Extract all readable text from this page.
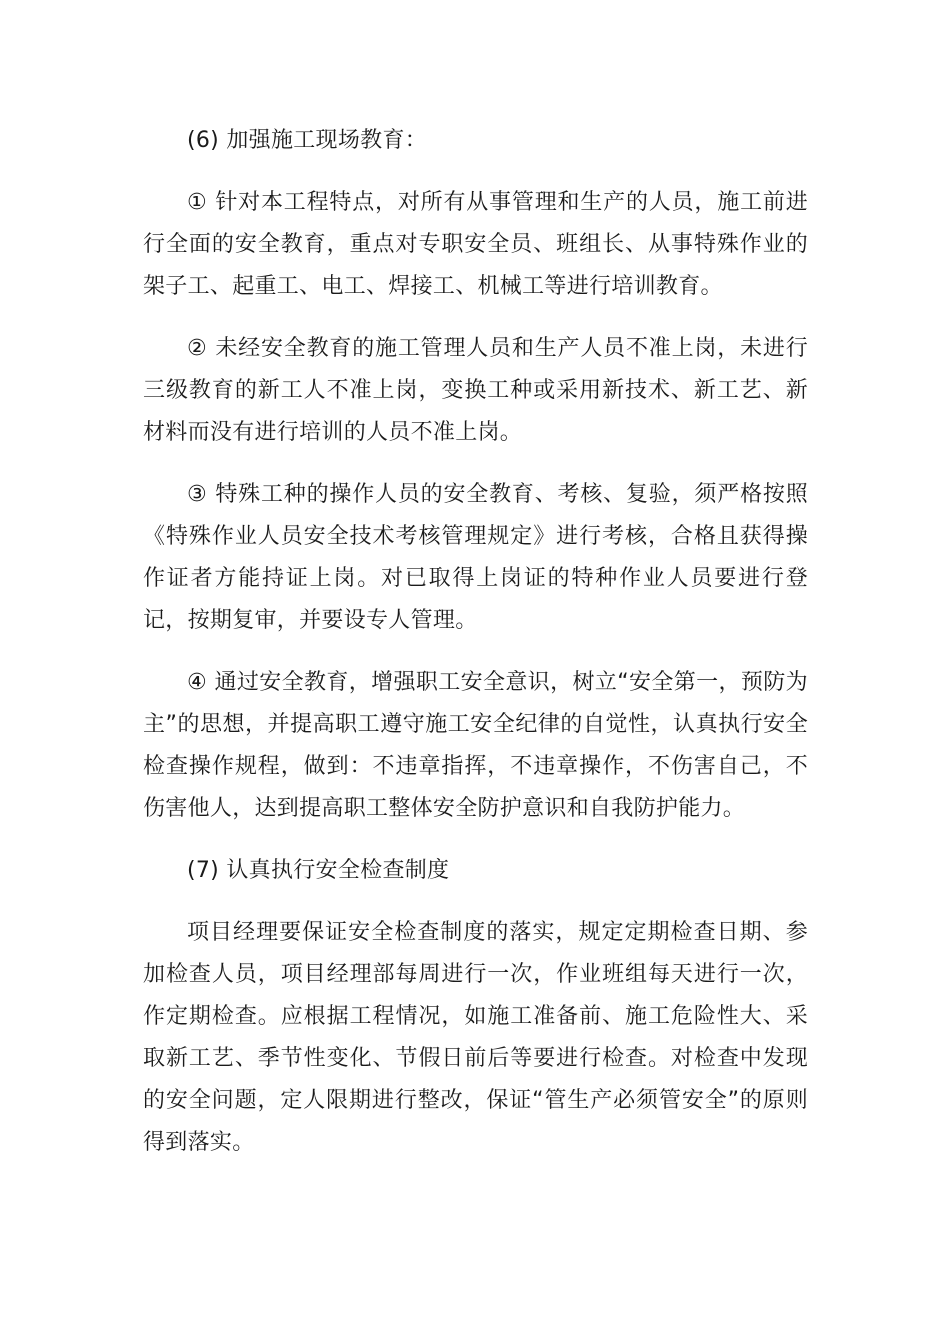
(6) 加强施工现场教育：

① 针对本工程特点，对所有从事管理和生产的人员，施工前进行全面的安全教育，重点对专职安全员、班组长、从事特殊作业的架子工、起重工、电工、焊接工、机械工等进行培训教育。

② 未经安全教育的施工管理人员和生产人员不准上岗，未进行三级教育的新工人不准上岗，变换工种或采用新技术、新工艺、新材料而没有进行培训的人员不准上岗。

③ 特殊工种的操作人员的安全教育、考核、复验，须严格按照《特殊作业人员安全技术考核管理规定》进行考核，合格且获得操作证者方能持证上岗。对已取得上岗证的特种作业人员要进行登记，按期复审，并要设专人管理。

④ 通过安全教育，增强职工安全意识，树立“安全第一，预防为主”的思想，并提高职工遵守施工安全纪律的自觉性，认真执行安全检查操作规程，做到：不违章指挥，不违章操作，不伤害自己，不伤害他人，达到提高职工整体安全防护意识和自我防护能力。

(7) 认真执行安全检查制度

项目经理要保证安全检查制度的落实，规定定期检查日期、参加检查人员，项目经理部每周进行一次，作业班组每天进行一次，作定期检查。应根据工程情况，如施工准备前、施工危险性大、采取新工艺、季节性变化、节假日前后等要进行检查。对检查中发现的安全问题，定人限期进行整改，保证“管生产必须管安全”的原则得到落实。
